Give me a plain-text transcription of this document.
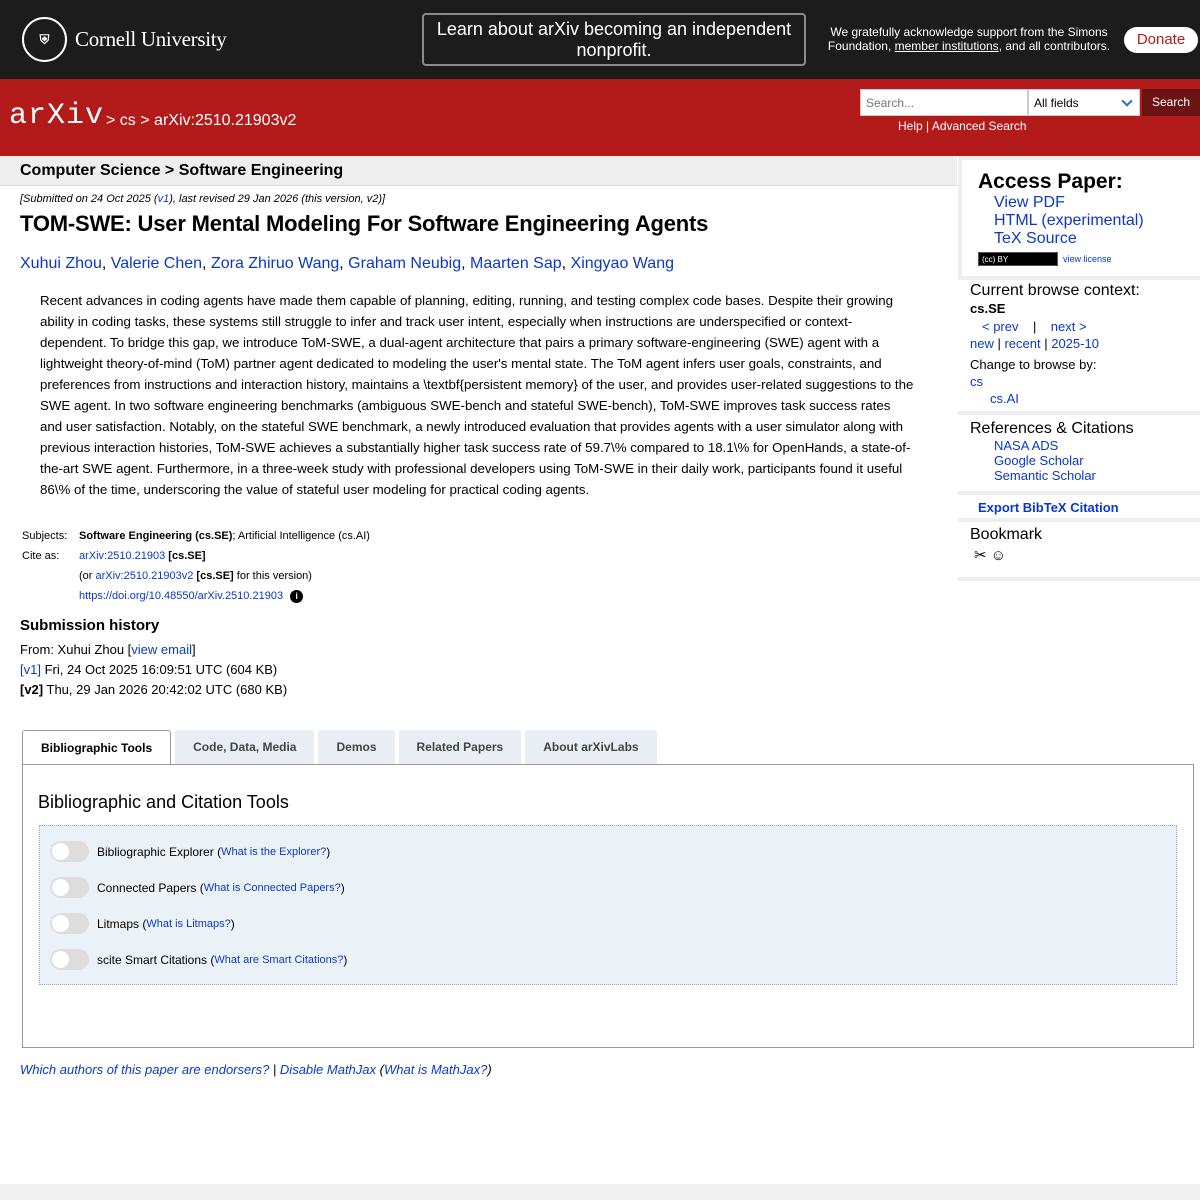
⛨	Cornell University	Learn about arXiv becoming an independent nonprofit.
We gratefully acknowledge support from the Simons Foundation, member institutions, and all contributors.	Donate
arXiv > cs > arXiv:2510.21903v2
Search...	All fields	Search
Help | Advanced Search
Computer Science > Software Engineering
[Submitted on 24 Oct 2025 (v1), last revised 29 Jan 2026 (this version, v2)]
TOM-SWE: User Mental Modeling For Software Engineering Agents
Xuhui Zhou, Valerie Chen, Zora Zhiruo Wang, Graham Neubig, Maarten Sap, Xingyao Wang
Recent advances in coding agents have made them capable of planning, editing, running, and testing complex code bases. Despite their growing ability in coding tasks, these systems still struggle to infer and track user intent, especially when instructions are underspecified or context-dependent. To bridge this gap, we introduce ToM-SWE, a dual-agent architecture that pairs a primary software-engineering (SWE) agent with a lightweight theory-of-mind (ToM) partner agent dedicated to modeling the user's mental state. The ToM agent infers user goals, constraints, and preferences from instructions and interaction history, maintains a \textbf{persistent memory} of the user, and provides user-related suggestions to the SWE agent. In two software engineering benchmarks (ambiguous SWE-bench and stateful SWE-bench), ToM-SWE improves task success rates and user satisfaction. Notably, on the stateful SWE benchmark, a newly introduced evaluation that provides agents with a user simulator along with previous interaction histories, ToM-SWE achieves a substantially higher task success rate of 59.7\% compared to 18.1\% for OpenHands, a state-of-the-art SWE agent. Furthermore, in a three-week study with professional developers using ToM-SWE in their daily work, participants found it useful 86\% of the time, underscoring the value of stateful user modeling for practical coding agents.
Subjects:	Software Engineering (cs.SE); Artificial Intelligence (cs.AI)
Cite as:	arXiv:2510.21903 [cs.SE]
(or arXiv:2510.21903v2 [cs.SE] for this version)
https://doi.org/10.48550/arXiv.2510.21903 i
Submission history
From: Xuhui Zhou [view email]
[v1] Fri, 24 Oct 2025 16:09:51 UTC (604 KB)
[v2] Thu, 29 Jan 2026 20:42:02 UTC (680 KB)
Access Paper:
View PDF
HTML (experimental)
TeX Source
(cc) BY	view license
Current browse context:
cs.SE
< prev | next >
new | recent | 2025-10
Change to browse by:
cs
cs.AI
References & Citations
NASA ADS
Google Scholar
Semantic Scholar
Export BibTeX Citation
Bookmark
✂ ☺
Bibliographic Tools	Code, Data, Media	Demos	Related Papers	About arXivLabs
Bibliographic and Citation Tools
Bibliographic Explorer ( What is the Explorer? )
Connected Papers ( What is Connected Papers? )
Litmaps ( What is Litmaps? )
scite Smart Citations ( What are Smart Citations? )
Which authors of this paper are endorsers? | Disable MathJax (What is MathJax?)
